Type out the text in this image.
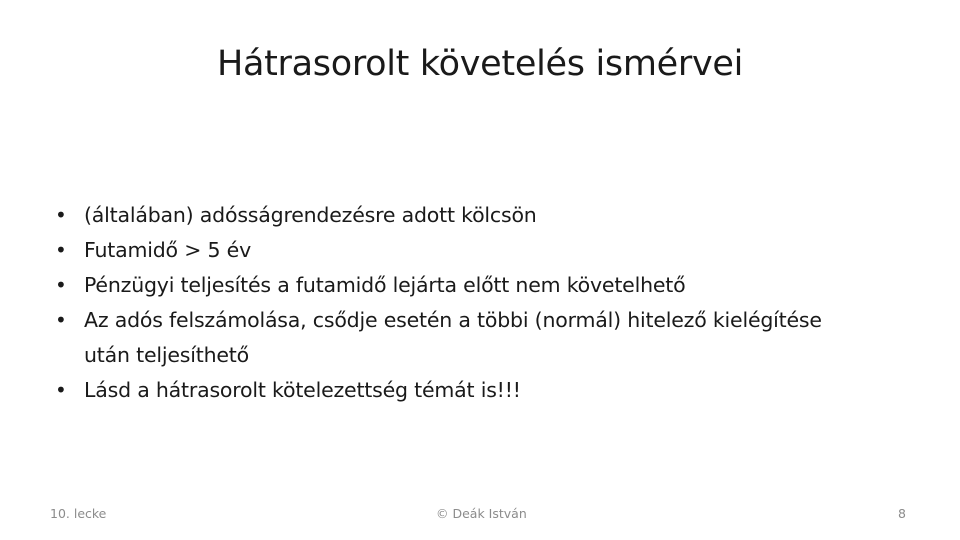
Hátrasorolt követelés ismérvei
• (általában) adósságrendezésre adott kölcsön
• Futamidő > 5 év
• Pénzügyi teljesítés a futamidő lejárta előtt nem követelhető
• Az adós felszámolása, csődje esetén a többi (normál) hitelező kielégítése
után teljesíthető
• Lásd a hátrasorolt kötelezettség témát is!!!
10. lecke	© Deák István	8
